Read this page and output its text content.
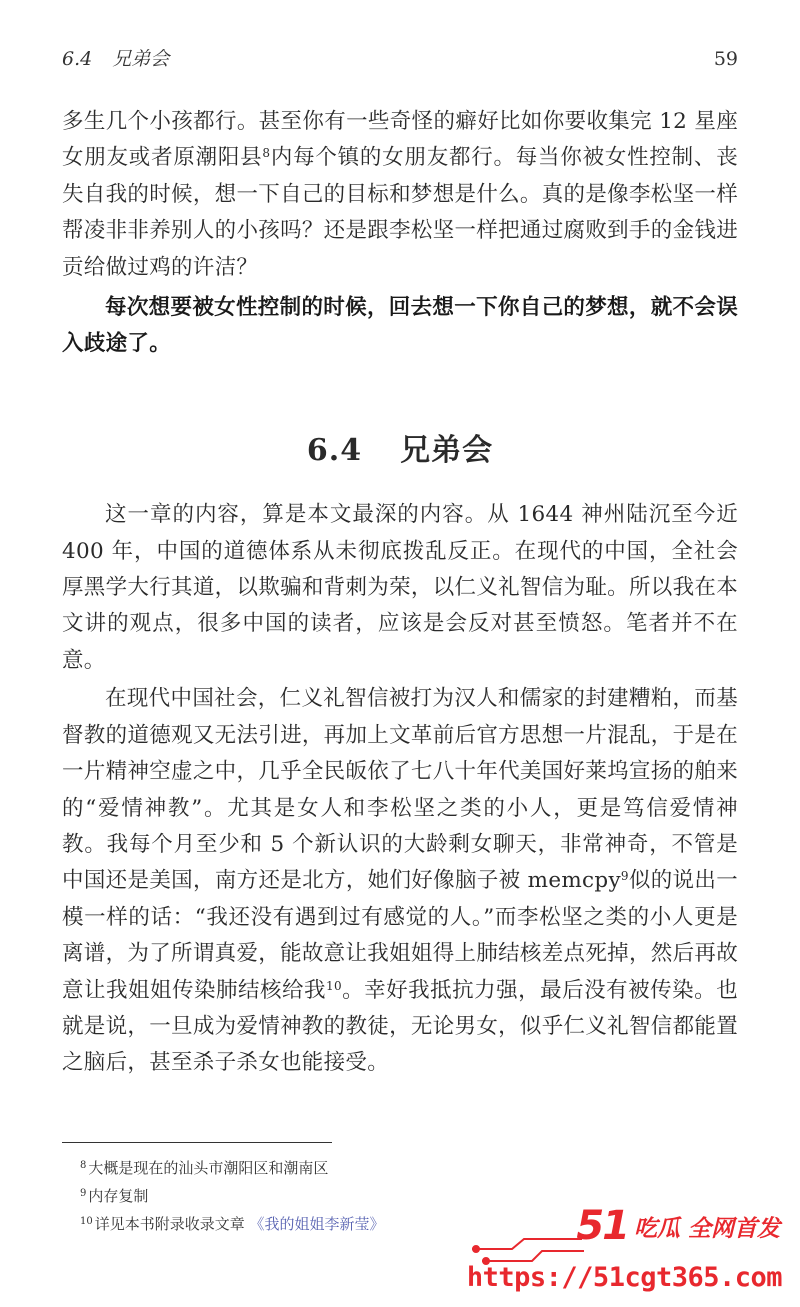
6.4 兄弟会	59

多生几个小孩都行。甚至你有一些奇怪的癖好比如你要收集完 12 星座女朋友或者原潮阳县$^8$内每个镇的女朋友都行。每当你被女性控制、丧失自我的时候，想一下自己的目标和梦想是什么。真的是像李松坚一样帮凌非非养别人的小孩吗？还是跟李松坚一样把通过腐败到手的金钱进贡给做过鸡的许洁？

每次想要被女性控制的时候，回去想一下你自己的梦想，就不会误入歧途了。

6.4 兄弟会

这一章的内容，算是本文最深的内容。从 1644 神州陆沉至今近 400 年，中国的道德体系从未彻底拨乱反正。在现代的中国，全社会厚黑学大行其道，以欺骗和背刺为荣，以仁义礼智信为耻。所以我在本文讲的观点，很多中国的读者，应该是会反对甚至愤怒。笔者并不在意。

在现代中国社会，仁义礼智信被打为汉人和儒家的封建糟粕，而基督教的道德观又无法引进，再加上文革前后官方思想一片混乱，于是在一片精神空虚之中，几乎全民皈依了七八十年代美国好莱坞宣扬的舶来的“爱情神教”。尤其是女人和李松坚之类的小人，更是笃信爱情神教。我每个月至少和 5 个新认识的大龄剩女聊天，非常神奇，不管是中国还是美国，南方还是北方，她们好像脑子被 memcpy$^9$似的说出一模一样的话：“我还没有遇到过有感觉的人。”而李松坚之类的小人更是离谱，为了所谓真爱，能故意让我姐姐得上肺结核差点死掉，然后再故意让我姐姐传染肺结核给我$^{10}$。幸好我抵抗力强，最后没有被传染。也就是说，一旦成为爱情神教的教徒，无论男女，似乎仁义礼智信都能置之脑后，甚至杀子杀女也能接受。

$^8$ 大概是现在的汕头市潮阳区和潮南区
$^9$ 内存复制
$^{10}$ 详见本书附录收录文章 《我的姐姐李新莹》	51 吃瓜 全网首发
https://51cgt365.com
